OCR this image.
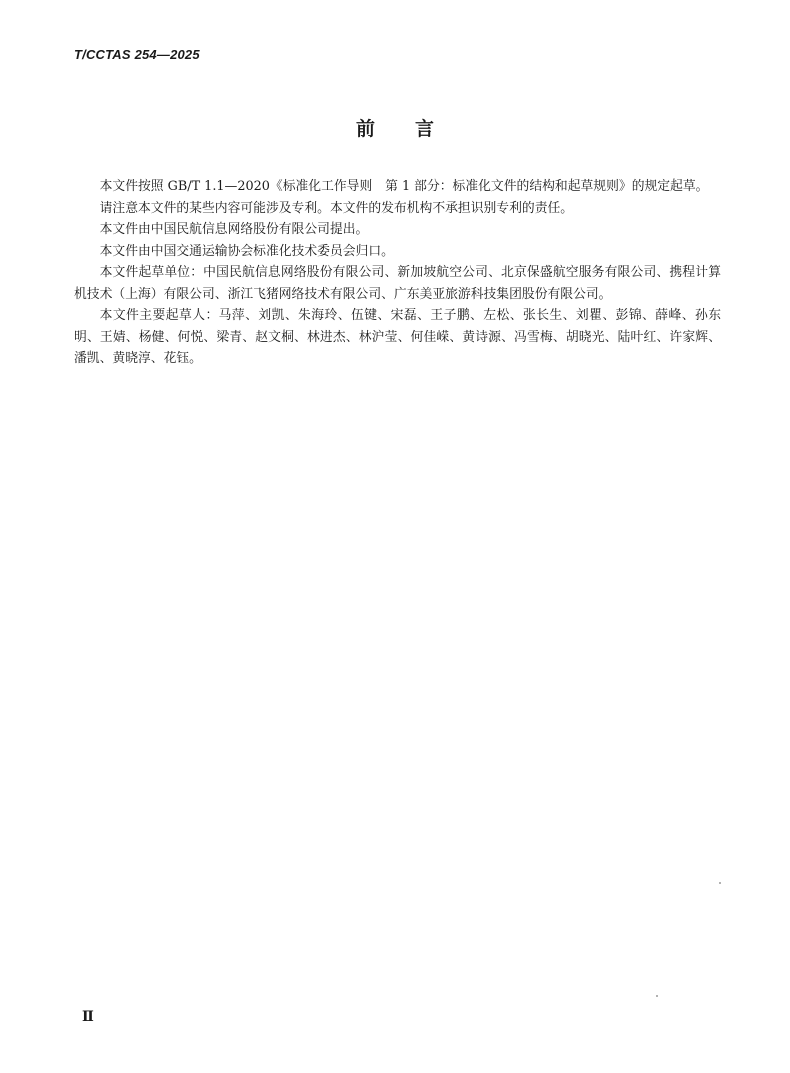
T/CCTAS 254—2025
前 言

本文件按照 GB/T 1.1—2020《标准化工作导则　第 1 部分：标准化文件的结构和起草规则》的规定起草。

请注意本文件的某些内容可能涉及专利。本文件的发布机构不承担识别专利的责任。

本文件由中国民航信息网络股份有限公司提出。

本文件由中国交通运输协会标准化技术委员会归口。

本文件起草单位：中国民航信息网络股份有限公司、新加坡航空公司、北京保盛航空服务有限公司、携程计算机技术（上海）有限公司、浙江飞猪网络技术有限公司、广东美亚旅游科技集团股份有限公司。

本文件主要起草人：马萍、刘凯、朱海玲、伍键、宋磊、王子鹏、左松、张长生、刘瞿、彭锦、薛峰、孙东明、王婧、杨健、何悦、梁青、赵文桐、林进杰、林沪莹、何佳嵘、黄诗源、冯雪梅、胡晓光、陆叶红、许家辉、潘凯、黄晓淳、花钰。

Ⅱ
